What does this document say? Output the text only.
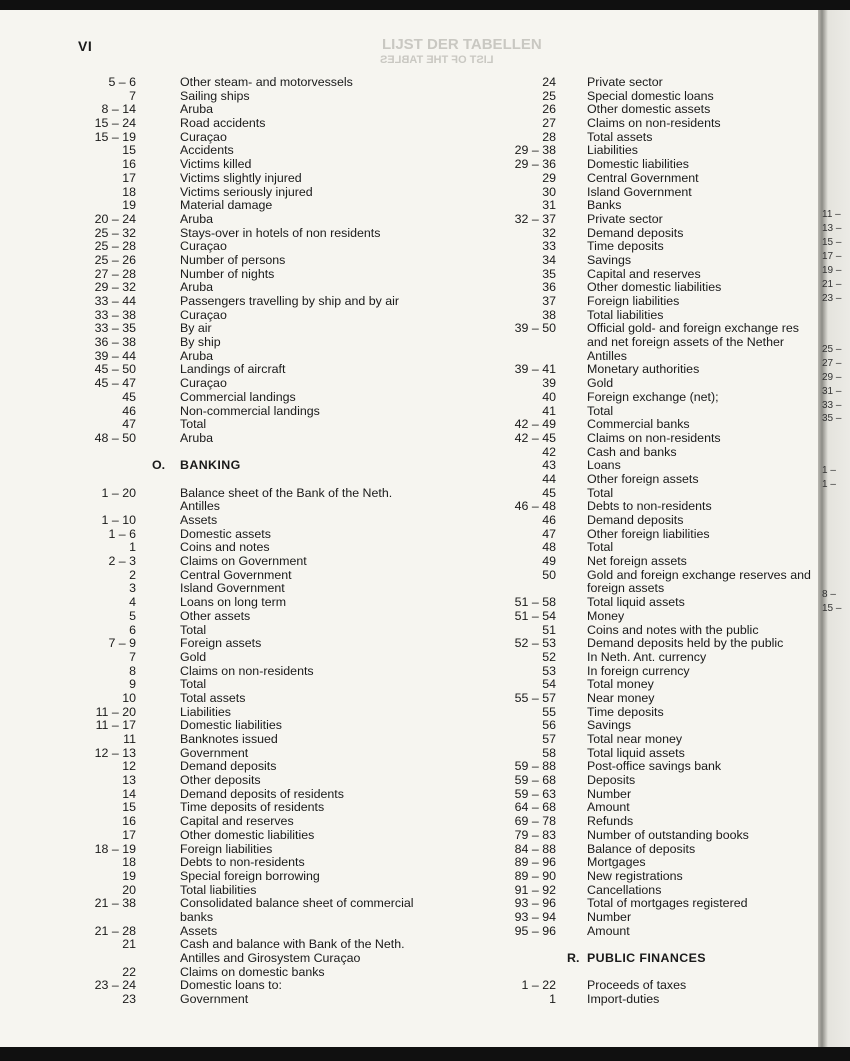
LIJST DER TABELLEN
LIST OF THE TABLES
VI
5 – 6	Other steam- and motorvessels
7	Sailing ships
8 – 14	Aruba
15 – 24	Road accidents
15 – 19	Curaçao
15	Accidents
16	Victims killed
17	Victims slightly injured
18	Victims seriously injured
19	Material damage
20 – 24	Aruba
25 – 32	Stays-over in hotels of non residents
25 – 28	Curaçao
25 – 26	Number of persons
27 – 28	Number of nights
29 – 32	Aruba
33 – 44	Passengers travelling by ship and by air
33 – 38	Curaçao
33 – 35	By air
36 – 38	By ship
39 – 44	Aruba
45 – 50	Landings of aircraft
45 – 47	Curaçao
45	Commercial landings
46	Non-commercial landings
47	Total
48 – 50	Aruba
O. BANKING
1 – 20	Balance sheet of the Bank of the Neth.
Antilles
1 – 10	Assets
1 – 6	Domestic assets
1	Coins and notes
2 – 3	Claims on Government
2	Central Government
3	Island Government
4	Loans on long term
5	Other assets
6	Total
7 – 9	Foreign assets
7	Gold
8	Claims on non-residents
9	Total
10	Total assets
11 – 20	Liabilities
11 – 17	Domestic liabilities
11	Banknotes issued
12 – 13	Government
12	Demand deposits
13	Other deposits
14	Demand deposits of residents
15	Time deposits of residents
16	Capital and reserves
17	Other domestic liabilities
18 – 19	Foreign liabilities
18	Debts to non-residents
19	Special foreign borrowing
20	Total liabilities
21 – 38	Consolidated balance sheet of commercial
banks
21 – 28	Assets
21	Cash and balance with Bank of the Neth.
Antilles and Girosystem Curaçao
22	Claims on domestic banks
23 – 24	Domestic loans to:
23	Government
24	Private sector
25	Special domestic loans
26	Other domestic assets
27	Claims on non-residents
28	Total assets
29 – 38	Liabilities
29 – 36	Domestic liabilities
29	Central Government
30	Island Government
31	Banks
32 – 37	Private sector
32	Demand deposits
33	Time deposits
34	Savings
35	Capital and reserves
36	Other domestic liabilities
37	Foreign liabilities
38	Total liabilities
39 – 50	Official gold- and foreign exchange res
and net foreign assets of the Nether
Antilles
39 – 41	Monetary authorities
39	Gold
40	Foreign exchange (net);
41	Total
42 – 49	Commercial banks
42 – 45	Claims on non-residents
42	Cash and banks
43	Loans
44	Other foreign assets
45	Total
46 – 48	Debts to non-residents
46	Demand deposits
47	Other foreign liabilities
48	Total
49	Net foreign assets
50	Gold and foreign exchange reserves and
foreign assets
51 – 58	Total liquid assets
51 – 54	Money
51	Coins and notes with the public
52 – 53	Demand deposits held by the public
52	In Neth. Ant. currency
53	In foreign currency
54	Total money
55 – 57	Near money
55	Time deposits
56	Savings
57	Total near money
58	Total liquid assets
59 – 88	Post-office savings bank
59 – 68	Deposits
59 – 63	Number
64 – 68	Amount
69 – 78	Refunds
79 – 83	Number of outstanding books
84 – 88	Balance of deposits
89 – 96	Mortgages
89 – 90	New registrations
91 – 92	Cancellations
93 – 96	Total of mortgages registered
93 – 94	Number
95 – 96	Amount
R. PUBLIC FINANCES
1 – 22	Proceeds of taxes
1	Import-duties
11 –
13 –
15 –
17 –
19 –
21 –
23 –
25 –
27 –
29 –
31 –
33 –
35 –
1 –
1 –
8 –
15 –
